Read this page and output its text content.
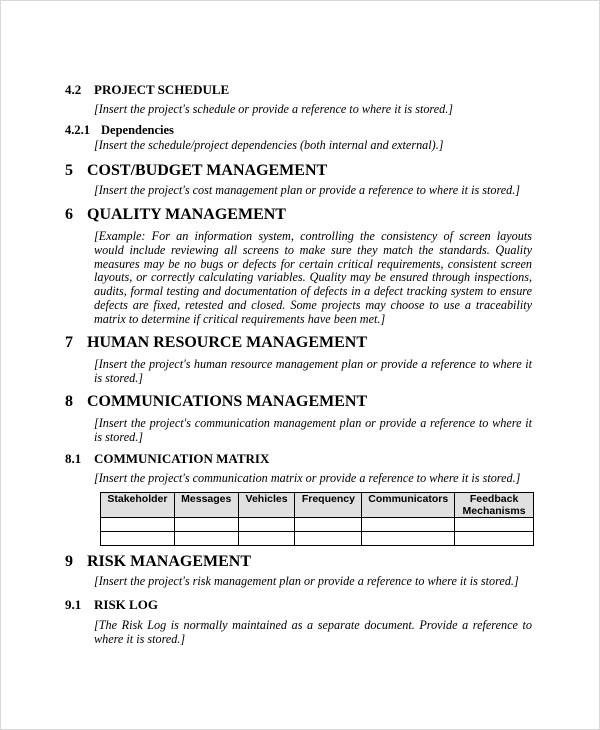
4.2 PROJECT SCHEDULE
[Insert the project's schedule or provide a reference to where it is stored.]
4.2.1 Dependencies
[Insert the schedule/project dependencies (both internal and external).]
5 COST/BUDGET MANAGEMENT
[Insert the project's cost management plan or provide a reference to where it is stored.]
6 QUALITY MANAGEMENT
[Example: For an information system, controlling the consistency of screen layouts would include reviewing all screens to make sure they match the standards. Quality measures may be no bugs or defects for certain critical requirements, consistent screen layouts, or correctly calculating variables. Quality may be ensured through inspections, audits, formal testing and documentation of defects in a defect tracking system to ensure defects are fixed, retested and closed. Some projects may choose to use a traceability matrix to determine if critical requirements have been met.]
7 HUMAN RESOURCE MANAGEMENT
[Insert the project's human resource management plan or provide a reference to where it is stored.]
8 COMMUNICATIONS MANAGEMENT
[Insert the project's communication management plan or provide a reference to where it is stored.]
8.1 COMMUNICATION MATRIX
[Insert the project's communication matrix or provide a reference to where it is stored.]
Stakeholder	Messages	Vehicles	Frequency	Communicators	Feedback Mechanisms

9 RISK MANAGEMENT
[Insert the project's risk management plan or provide a reference to where it is stored.]
9.1 RISK LOG
[The Risk Log is normally maintained as a separate document. Provide a reference to where it is stored.]
